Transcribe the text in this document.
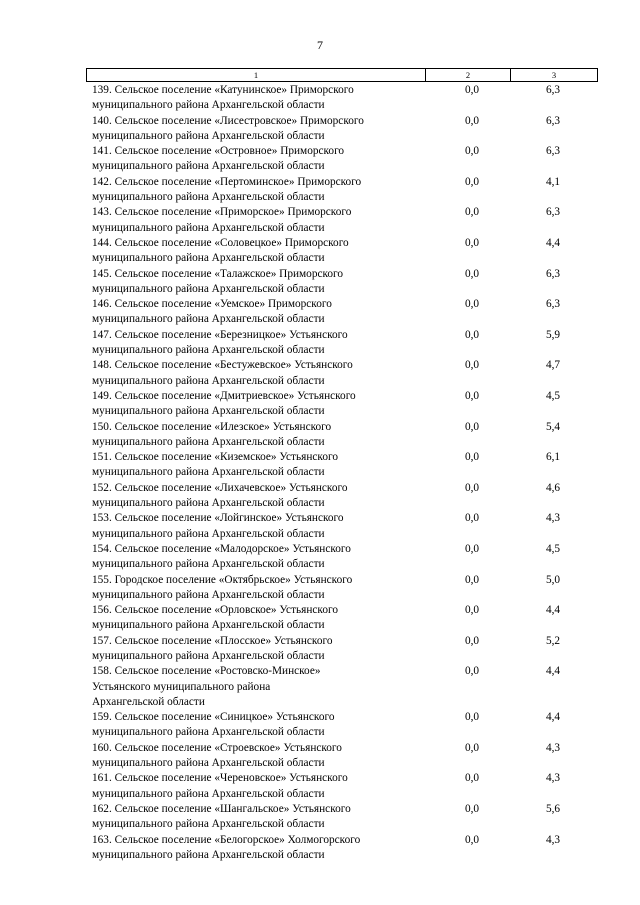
7
1	2	3
139. Сельское поселение «Катунинское» Приморского
муниципального района Архангельской области
0,0	6,3
140. Сельское поселение «Лисестровское» Приморского
муниципального района Архангельской области
0,0	6,3
141. Сельское поселение «Островное» Приморского
муниципального района Архангельской области
0,0	6,3
142. Сельское поселение «Пертоминское» Приморского
муниципального района Архангельской области
0,0	4,1
143. Сельское поселение «Приморское» Приморского
муниципального района Архангельской области
0,0	6,3
144. Сельское поселение «Соловецкое» Приморского
муниципального района Архангельской области
0,0	4,4
145. Сельское поселение «Талажское» Приморского
муниципального района Архангельской области
0,0	6,3
146. Сельское поселение «Уемское» Приморского
муниципального района Архангельской области
0,0	6,3
147. Сельское поселение «Березницкое» Устьянского
муниципального района Архангельской области
0,0	5,9
148. Сельское поселение «Бестужевское» Устьянского
муниципального района Архангельской области
0,0	4,7
149. Сельское поселение «Дмитриевское» Устьянского
муниципального района Архангельской области
0,0	4,5
150. Сельское поселение «Илезское» Устьянского
муниципального района Архангельской области
0,0	5,4
151. Сельское поселение «Киземское» Устьянского
муниципального района Архангельской области
0,0	6,1
152. Сельское поселение «Лихачевское» Устьянского
муниципального района Архангельской области
0,0	4,6
153. Сельское поселение «Лойгинское» Устьянского
муниципального района Архангельской области
0,0	4,3
154. Сельское поселение «Малодорское» Устьянского
муниципального района Архангельской области
0,0	4,5
155. Городское поселение «Октябрьское» Устьянского
муниципального района Архангельской области
0,0	5,0
156. Сельское поселение «Орловское» Устьянского
муниципального района Архангельской области
0,0	4,4
157. Сельское поселение «Плосское» Устьянского
муниципального района Архангельской области
0,0	5,2
158. Сельское поселение «Ростовско-Минское»
Устьянского муниципального района
Архангельской области
0,0	4,4
159. Сельское поселение «Синицкое» Устьянского
муниципального района Архангельской области
0,0	4,4
160. Сельское поселение «Строевское» Устьянского
муниципального района Архангельской области
0,0	4,3
161. Сельское поселение «Череновское» Устьянского
муниципального района Архангельской области
0,0	4,3
162. Сельское поселение «Шангальское» Устьянского
муниципального района Архангельской области
0,0	5,6
163. Сельское поселение «Белогорское» Холмогорского
муниципального района Архангельской области
0,0	4,3
